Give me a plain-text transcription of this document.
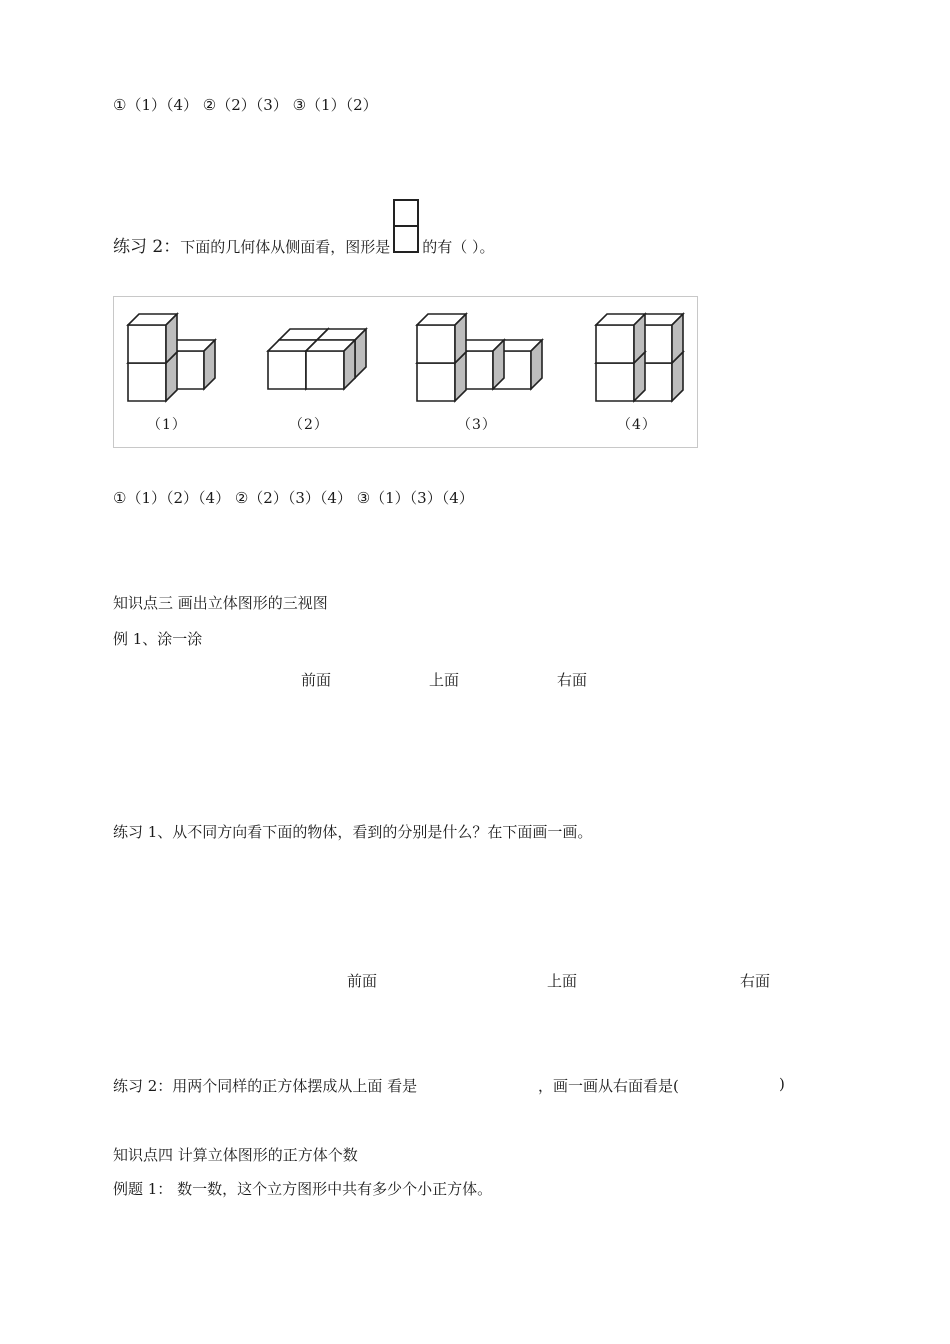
①（1）（4） ②（2）（3） ③（1）（2）
练习 2：下面的几何体从侧面看，图形是 的有（ ）。
（1）	（2）	（3）	（4）
①（1）（2）（4） ②（2）（3）（4） ③（1）（3）（4）
知识点三 画出立体图形的三视图
例 1、涂一涂
前面	上面	右面
练习 1、从不同方向看下面的物体，看到的分别是什么？在下面画一画。
前面	上面	右面
练习 2：用两个同样的正方体摆成从上面 看是	，画一画从右面看是(	)
知识点四 计算立体图形的正方体个数
例题 1： 数一数，这个立方图形中共有多少个小正方体。
